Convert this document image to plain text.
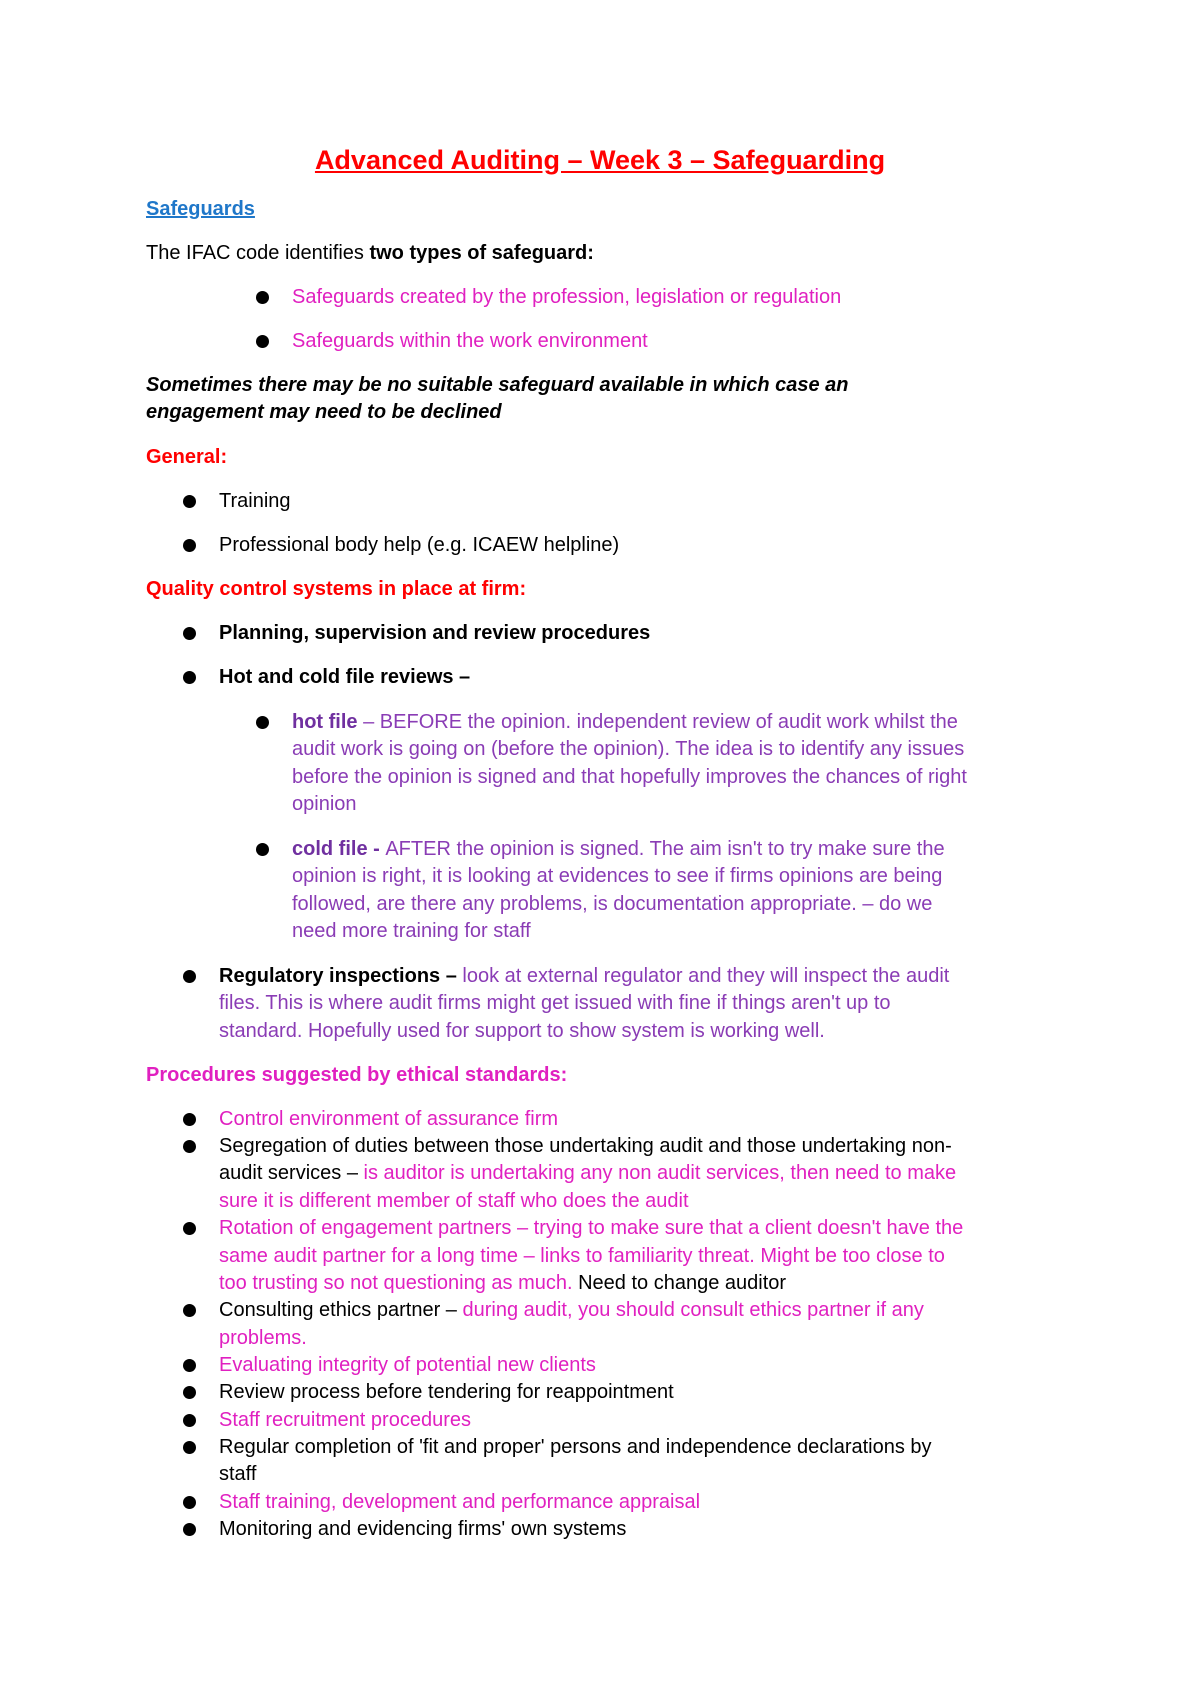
Advanced Auditing – Week 3 – Safeguarding

Safeguards

The IFAC code identifies two types of safeguard:

Safeguards created by the profession, legislation or regulation

Safeguards within the work environment

Sometimes there may be no suitable safeguard available in which case an

engagement may need to be declined

General:

Training

Professional body help (e.g. ICAEW helpline)

Quality control systems in place at firm:

Planning, supervision and review procedures

Hot and cold file reviews –

hot file – BEFORE the opinion. independent review of audit work whilst the

audit work is going on (before the opinion). The idea is to identify any issues

before the opinion is signed and that hopefully improves the chances of right

opinion

cold file - AFTER the opinion is signed. The aim isn't to try make sure the

opinion is right, it is looking at evidences to see if firms opinions are being

followed, are there any problems, is documentation appropriate. – do we

need more training for staff

Regulatory inspections – look at external regulator and they will inspect the audit

files. This is where audit firms might get issued with fine if things aren't up to

standard. Hopefully used for support to show system is working well.

Procedures suggested by ethical standards:

Control environment of assurance firm

Segregation of duties between those undertaking audit and those undertaking non-

audit services – is auditor is undertaking any non audit services, then need to make

sure it is different member of staff who does the audit

Rotation of engagement partners – trying to make sure that a client doesn't have the

same audit partner for a long time – links to familiarity threat. Might be too close to

too trusting so not questioning as much. Need to change auditor

Consulting ethics partner – during audit, you should consult ethics partner if any

problems.

Evaluating integrity of potential new clients

Review process before tendering for reappointment

Staff recruitment procedures

Regular completion of 'fit and proper' persons and independence declarations by

staff

Staff training, development and performance appraisal

Monitoring and evidencing firms' own systems
